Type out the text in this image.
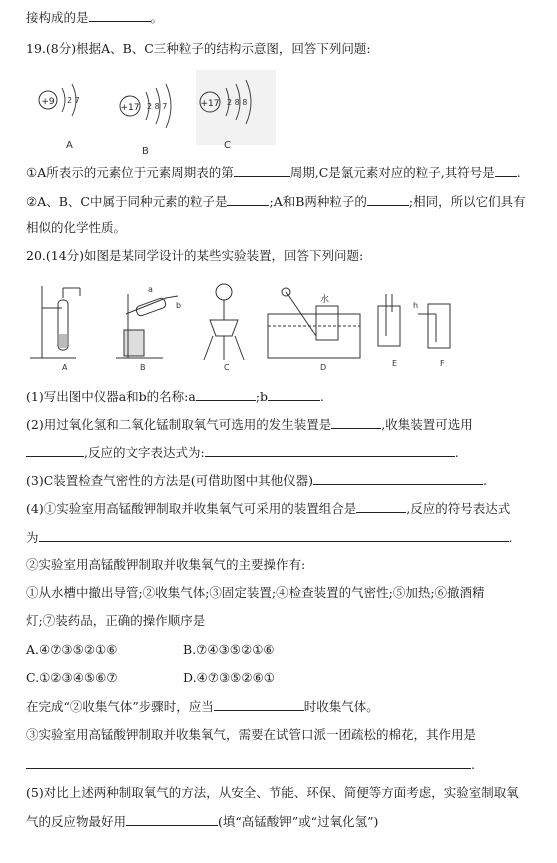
接构成的是	。
19.(8分)根据A、B、C三种粒子的结构示意图，回答下列问题:
+9 2 7
A
+17 2 8 7
B
+17 2 8 8
C
①A所表示的元素位于元素周期表的第	周期,C是氯元素对应的粒子,其符号是 .
②A、B、C中属于同种元素的粒子是	;A和B两种粒子的	;相同，所以它们具有
相似的化学性质。
20.(14分)如图是某同学设计的某些实验装置，回答下列问题:
A
a
b
B	C
水
D	E
h
F
(1)写出图中仪器a和b的名称:a	;b	.
(2)用过氧化氢和二氧化锰制取氧气可选用的发生装置是	,收集装置可选用
,反应的文字表达式为:	.
(3)C装置检查气密性的方法是(可借助图中其他仪器)	.
(4)①实验室用高锰酸钾制取并收集氧气可采用的装置组合是	,反应的符号表达式
为	.
②实验室用高锰酸钾制取并收集氧气的主要操作有:
①从水槽中撤出导管;②收集气体;③固定装置;④检查装置的气密性;⑤加热;⑥撤酒精
灯;⑦装药品，正确的操作顺序是
A.④⑦③⑤②①⑥	B.⑦④③⑤②①⑥
C.①②③④⑤⑥⑦	D.④⑦③⑤②⑥①
在完成“②收集气体”步骤时，应当	时收集气体。
③实验室用高锰酸钾制取并收集氧气，需要在试管口派一团疏松的棉花，其作用是
.
(5)对比上述两种制取氧气的方法，从安全、节能、环保、简便等方面考虑，实验室制取氧
气的反应物最好用	(填“高锰酸钾”或“过氧化氢”)
